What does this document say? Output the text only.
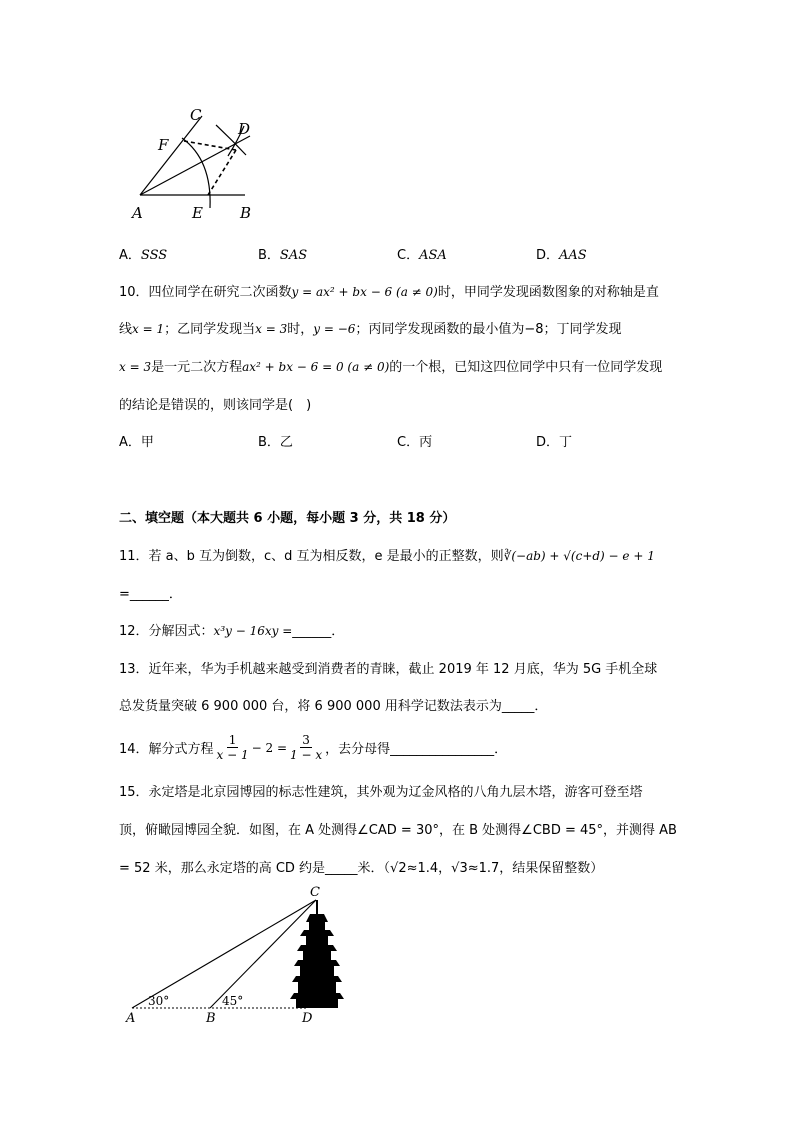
C
D
F
A	E B
A．SSS	B．SAS	C．ASA	D．AAS
10．四位同学在研究二次函数y = ax² + bx − 6 (a ≠ 0)时，甲同学发现函数图象的对称轴是直
线x = 1；乙同学发现当x = 3时，y = −6；丙同学发现函数的最小值为−8；丁同学发现
x = 3是一元二次方程ax² + bx − 6 = 0 (a ≠ 0)的一个根，已知这四位同学中只有一位同学发现
的结论是错误的，则该同学是(　)
A．甲	B．乙	C．丙	D．丁
二、填空题（本大题共 6 小题，每小题 3 分，共 18 分）
11．若 a、b 互为倒数，c、d 互为相反数，e 是最小的正整数，则∛(−ab) + √(c+d) − e + 1
=______．
12．分解因式：x³y − 16xy =______．
13．近年来，华为手机越来越受到消费者的青睐，截止 2019 年 12 月底，华为 5G 手机全球
总发货量突破 6 900 000 台，将 6 900 000 用科学记数法表示为_____．
14．解分式方程 $\frac{1}{x - 1} - 2 = \frac{3}{1 - x}$ ，去分母得________________．
15．永定塔是北京园博园的标志性建筑，其外观为辽金风格的八角九层木塔，游客可登至塔
顶，俯瞰园博园全貌．如图，在 A 处测得∠CAD = 30°，在 B 处测得∠CBD = 45°，并测得 AB
= 52 米，那么永定塔的高 CD 约是_____米．（√2≈1.4，√3≈1.7，结果保留整数）
30°	45°
C
A	B	D
